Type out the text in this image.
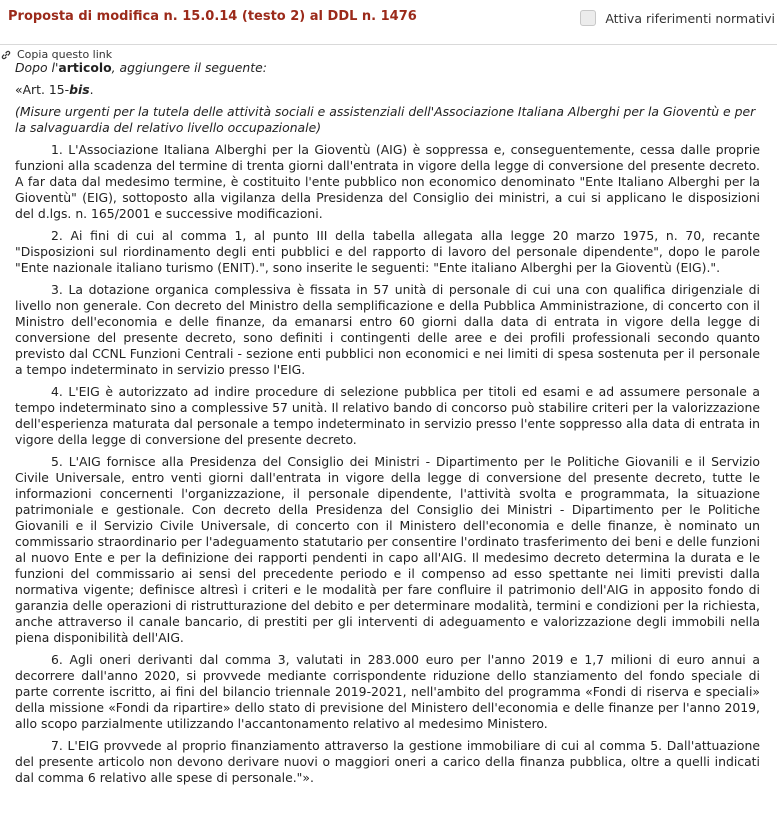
Proposta di modifica n. 15.0.14 (testo 2) al DDL n. 1476	Attiva riferimenti normativi
Copia questo link

Dopo l'articolo, aggiungere il seguente:

«Art. 15-bis.

(Misure urgenti per la tutela delle attività sociali e assistenziali dell'Associazione Italiana Alberghi per la Gioventù e per la salvaguardia del relativo livello occupazionale)

1. L'Associazione Italiana Alberghi per la Gioventù (AIG) è soppressa e, conseguentemente, cessa dalle proprie funzioni alla scadenza del termine di trenta giorni dall'entrata in vigore della legge di conversione del presente decreto. A far data dal medesimo termine, è costituito l'ente pubblico non economico denominato "Ente Italiano Alberghi per la Gioventù" (EIG), sottoposto alla vigilanza della Presidenza del Consiglio dei ministri, a cui si applicano le disposizioni del d.lgs. n. 165/2001 e successive modificazioni.

2. Ai fini di cui al comma 1, al punto III della tabella allegata alla legge 20 marzo 1975, n. 70, recante "Disposizioni sul riordinamento degli enti pubblici e del rapporto di lavoro del personale dipendente", dopo le parole "Ente nazionale italiano turismo (ENIT).", sono inserite le seguenti: "Ente italiano Alberghi per la Gioventù (EIG).".

3. La dotazione organica complessiva è fissata in 57 unità di personale di cui una con qualifica dirigenziale di livello non generale. Con decreto del Ministro della semplificazione e della Pubblica Amministrazione, di concerto con il Ministro dell'economia e delle finanze, da emanarsi entro 60 giorni dalla data di entrata in vigore della legge di conversione del presente decreto, sono definiti i contingenti delle aree e dei profili professionali secondo quanto previsto dal CCNL Funzioni Centrali - sezione enti pubblici non economici e nei limiti di spesa sostenuta per il personale a tempo indeterminato in servizio presso l'EIG.

4. L'EIG è autorizzato ad indire procedure di selezione pubblica per titoli ed esami e ad assumere personale a tempo indeterminato sino a complessive 57 unità. Il relativo bando di concorso può stabilire criteri per la valorizzazione dell'esperienza maturata dal personale a tempo indeterminato in servizio presso l'ente soppresso alla data di entrata in vigore della legge di conversione del presente decreto.

5. L'AIG fornisce alla Presidenza del Consiglio dei Ministri - Dipartimento per le Politiche Giovanili e il Servizio Civile Universale, entro venti giorni dall'entrata in vigore della legge di conversione del presente decreto, tutte le informazioni concernenti l'organizzazione, il personale dipendente, l'attività svolta e programmata, la situazione patrimoniale e gestionale. Con decreto della Presidenza del Consiglio dei Ministri - Dipartimento per le Politiche Giovanili e il Servizio Civile Universale, di concerto con il Ministero dell'economia e delle finanze, è nominato un commissario straordinario per l'adeguamento statutario per consentire l'ordinato trasferimento dei beni e delle funzioni al nuovo Ente e per la definizione dei rapporti pendenti in capo all'AIG. Il medesimo decreto determina la durata e le funzioni del commissario ai sensi del precedente periodo e il compenso ad esso spettante nei limiti previsti dalla normativa vigente; definisce altresì i criteri e le modalità per fare confluire il patrimonio dell'AIG in apposito fondo di garanzia delle operazioni di ristrutturazione del debito e per determinare modalità, termini e condizioni per la richiesta, anche attraverso il canale bancario, di prestiti per gli interventi di adeguamento e valorizzazione degli immobili nella piena disponibilità dell'AIG.

6. Agli oneri derivanti dal comma 3, valutati in 283.000 euro per l'anno 2019 e 1,7 milioni di euro annui a decorrere dall'anno 2020, si provvede mediante corrispondente riduzione dello stanziamento del fondo speciale di parte corrente iscritto, ai fini del bilancio triennale 2019-2021, nell'ambito del programma «Fondi di riserva e speciali» della missione «Fondi da ripartire» dello stato di previsione del Ministero dell'economia e delle finanze per l'anno 2019, allo scopo parzialmente utilizzando l'accantonamento relativo al medesimo Ministero.

7. L'EIG provvede al proprio finanziamento attraverso la gestione immobiliare di cui al comma 5. Dall'attuazione del presente articolo non devono derivare nuovi o maggiori oneri a carico della finanza pubblica, oltre a quelli indicati dal comma 6 relativo alle spese di personale."».
